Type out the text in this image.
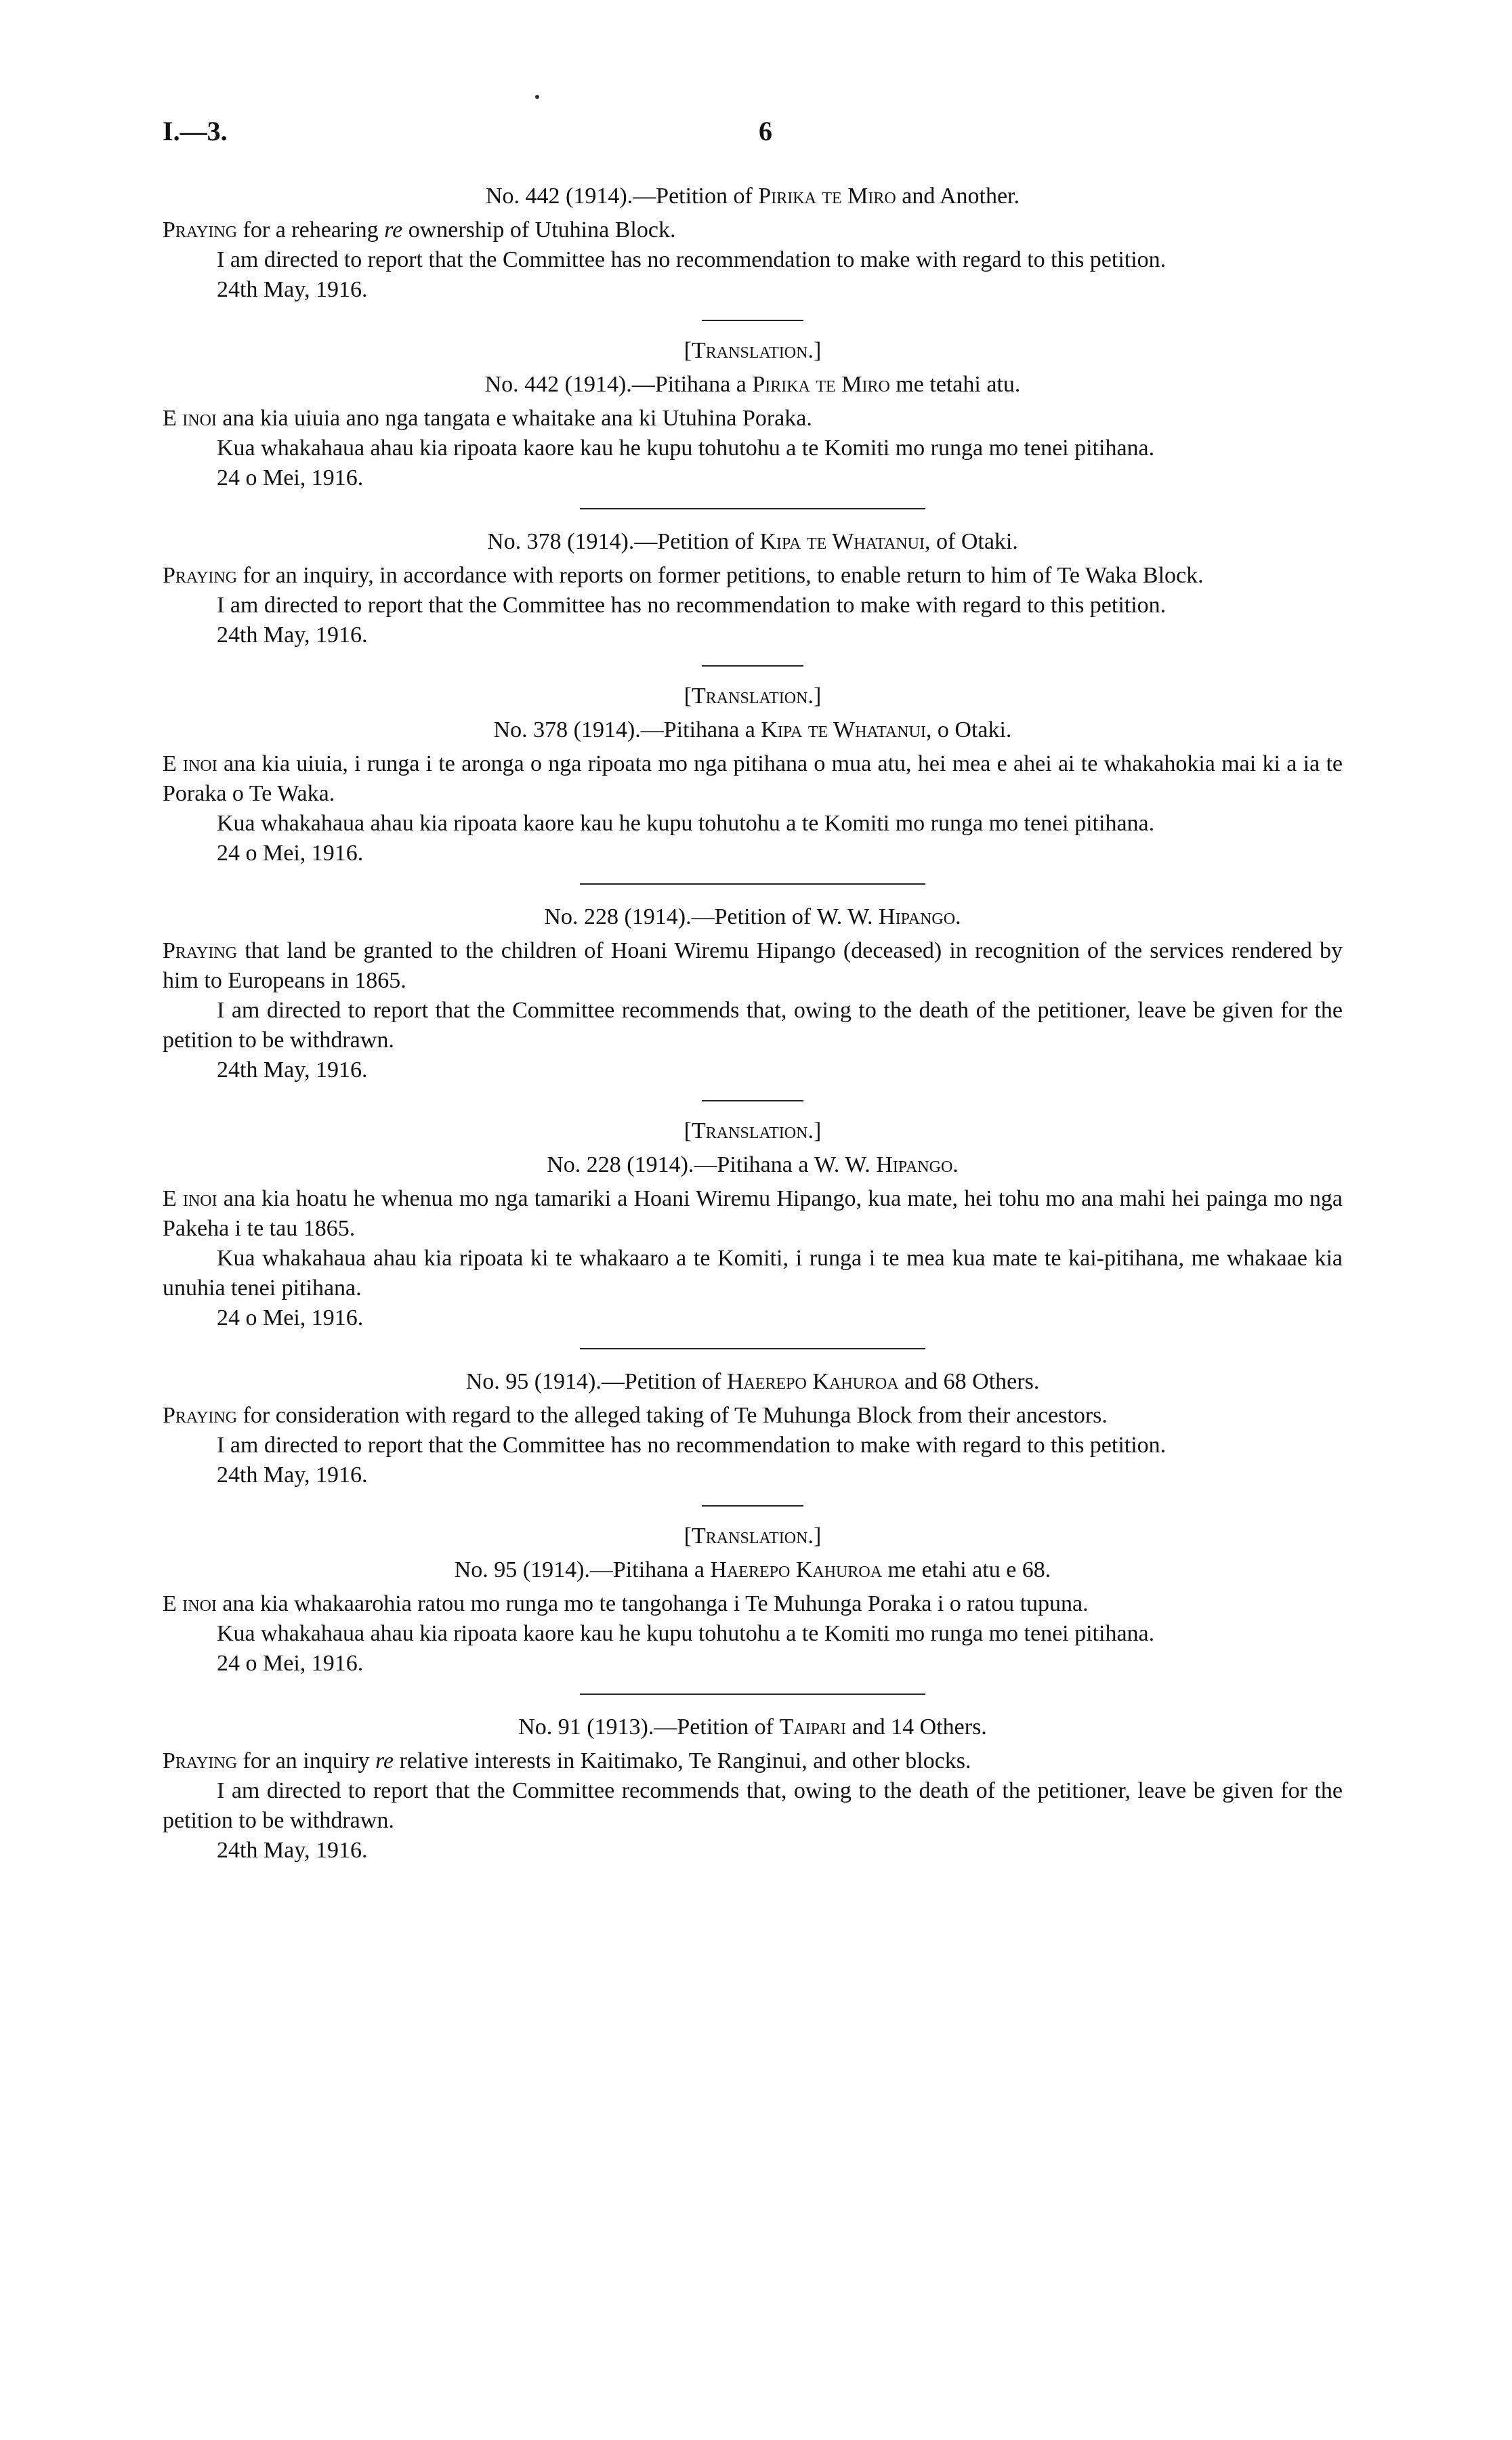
I.—3.	6

No. 442 (1914).—Petition of Pirika te Miro and Another.

Praying for a rehearing re ownership of Utuhina Block.

I am directed to report that the Committee has no recommendation to make with regard to this petition.

24th May, 1916.

[Translation.]

No. 442 (1914).—Pitihana a Pirika te Miro me tetahi atu.

E inoi ana kia uiuia ano nga tangata e whaitake ana ki Utuhina Poraka.

Kua whakahaua ahau kia ripoata kaore kau he kupu tohutohu a te Komiti mo runga mo tenei pitihana.

24 o Mei, 1916.

No. 378 (1914).—Petition of Kipa te Whatanui, of Otaki.

Praying for an inquiry, in accordance with reports on former petitions, to enable return to him of Te Waka Block.

I am directed to report that the Committee has no recommendation to make with regard to this petition.

24th May, 1916.

[Translation.]

No. 378 (1914).—Pitihana a Kipa te Whatanui, o Otaki.

E inoi ana kia uiuia, i runga i te aronga o nga ripoata mo nga pitihana o mua atu, hei mea e ahei ai te whakahokia mai ki a ia te Poraka o Te Waka.

Kua whakahaua ahau kia ripoata kaore kau he kupu tohutohu a te Komiti mo runga mo tenei pitihana.

24 o Mei, 1916.

No. 228 (1914).—Petition of W. W. Hipango.

Praying that land be granted to the children of Hoani Wiremu Hipango (deceased) in recognition of the services rendered by him to Europeans in 1865.

I am directed to report that the Committee recommends that, owing to the death of the petitioner, leave be given for the petition to be withdrawn.

24th May, 1916.

[Translation.]

No. 228 (1914).—Pitihana a W. W. Hipango.

E inoi ana kia hoatu he whenua mo nga tamariki a Hoani Wiremu Hipango, kua mate, hei tohu mo ana mahi hei painga mo nga Pakeha i te tau 1865.

Kua whakahaua ahau kia ripoata ki te whakaaro a te Komiti, i runga i te mea kua mate te kai-pitihana, me whakaae kia unuhia tenei pitihana.

24 o Mei, 1916.

No. 95 (1914).—Petition of Haerepo Kahuroa and 68 Others.

Praying for consideration with regard to the alleged taking of Te Muhunga Block from their ancestors.

I am directed to report that the Committee has no recommendation to make with regard to this petition.

24th May, 1916.

[Translation.]

No. 95 (1914).—Pitihana a Haerepo Kahuroa me etahi atu e 68.

E inoi ana kia whakaarohia ratou mo runga mo te tangohanga i Te Muhunga Poraka i o ratou tupuna.

Kua whakahaua ahau kia ripoata kaore kau he kupu tohutohu a te Komiti mo runga mo tenei pitihana.

24 o Mei, 1916.

No. 91 (1913).—Petition of Taipari and 14 Others.

Praying for an inquiry re relative interests in Kaitimako, Te Ranginui, and other blocks.

I am directed to report that the Committee recommends that, owing to the death of the petitioner, leave be given for the petition to be withdrawn.

24th May, 1916.
